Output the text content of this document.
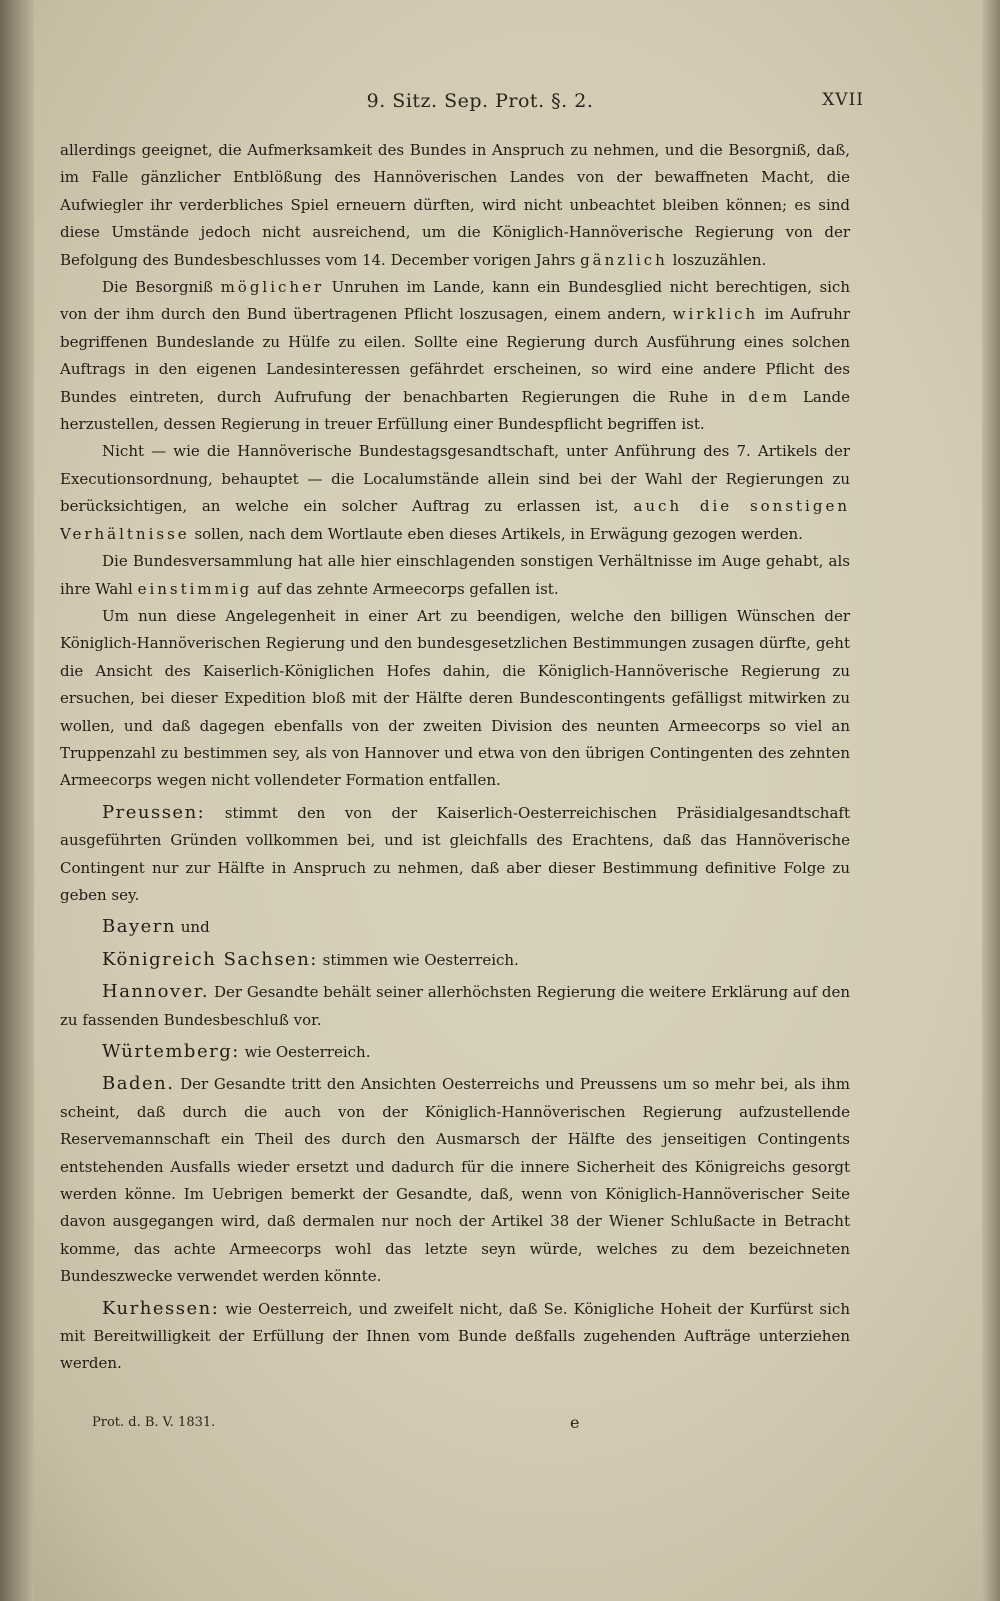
9. Sitz. Sep. Prot. §. 2.	XVII

allerdings geeignet, die Aufmerksamkeit des Bundes in Anspruch zu nehmen, und die Besorgniß, daß, im Falle gänzlicher Entblößung des Hannöverischen Landes von der bewaffneten Macht, die Aufwiegler ihr verderbliches Spiel erneuern dürften, wird nicht unbeachtet bleiben können; es sind diese Umstände jedoch nicht ausreichend, um die Königlich-Hannöverische Regierung von der Befolgung des Bundesbeschlusses vom 14. December vorigen Jahrs gänzlich loszuzählen.

Die Besorgniß möglicher Unruhen im Lande, kann ein Bundesglied nicht berechtigen, sich von der ihm durch den Bund übertragenen Pflicht loszusagen, einem andern, wirklich im Aufruhr begriffenen Bundeslande zu Hülfe zu eilen. Sollte eine Regierung durch Ausführung eines solchen Auftrags in den eigenen Landesinteressen gefährdet erscheinen, so wird eine andere Pflicht des Bundes eintreten, durch Aufrufung der benachbarten Regierungen die Ruhe in dem Lande herzustellen, dessen Regierung in treuer Erfüllung einer Bundespflicht begriffen ist.

Nicht — wie die Hannöverische Bundestagsgesandtschaft, unter Anführung des 7. Artikels der Executionsordnung, behauptet — die Localumstände allein sind bei der Wahl der Regierungen zu berücksichtigen, an welche ein solcher Auftrag zu erlassen ist, auch die sonstigen Verhältnisse sollen, nach dem Wortlaute eben dieses Artikels, in Erwägung gezogen werden.

Die Bundesversammlung hat alle hier einschlagenden sonstigen Verhältnisse im Auge gehabt, als ihre Wahl einstimmig auf das zehnte Armeecorps gefallen ist.

Um nun diese Angelegenheit in einer Art zu beendigen, welche den billigen Wünschen der Königlich-Hannöverischen Regierung und den bundesgesetzlichen Bestimmungen zusagen dürfte, geht die Ansicht des Kaiserlich-Königlichen Hofes dahin, die Königlich-Hannöverische Regierung zu ersuchen, bei dieser Expedition bloß mit der Hälfte deren Bundescontingents gefälligst mitwirken zu wollen, und daß dagegen ebenfalls von der zweiten Division des neunten Armeecorps so viel an Truppenzahl zu bestimmen sey, als von Hannover und etwa von den übrigen Contingenten des zehnten Armeecorps wegen nicht vollendeter Formation entfallen.

Preussen: stimmt den von der Kaiserlich-Oesterreichischen Präsidialgesandtschaft ausgeführten Gründen vollkommen bei, und ist gleichfalls des Erachtens, daß das Hannöverische Contingent nur zur Hälfte in Anspruch zu nehmen, daß aber dieser Bestimmung definitive Folge zu geben sey.

Bayern und

Königreich Sachsen: stimmen wie Oesterreich.

Hannover. Der Gesandte behält seiner allerhöchsten Regierung die weitere Erklärung auf den zu fassenden Bundesbeschluß vor.

Würtemberg: wie Oesterreich.

Baden. Der Gesandte tritt den Ansichten Oesterreichs und Preussens um so mehr bei, als ihm scheint, daß durch die auch von der Königlich-Hannöverischen Regierung aufzustellende Reservemannschaft ein Theil des durch den Ausmarsch der Hälfte des jenseitigen Contingents entstehenden Ausfalls wieder ersetzt und dadurch für die innere Sicherheit des Königreichs gesorgt werden könne. Im Uebrigen bemerkt der Gesandte, daß, wenn von Königlich-Hannöverischer Seite davon ausgegangen wird, daß dermalen nur noch der Artikel 38 der Wiener Schlußacte in Betracht komme, das achte Armeecorps wohl das letzte seyn würde, welches zu dem bezeichneten Bundeszwecke verwendet werden könnte.

Kurhessen: wie Oesterreich, und zweifelt nicht, daß Se. Königliche Hoheit der Kurfürst sich mit Bereitwilligkeit der Erfüllung der Ihnen vom Bunde deßfalls zugehenden Aufträge unterziehen werden.

Prot. d. B. V. 1831.	e
